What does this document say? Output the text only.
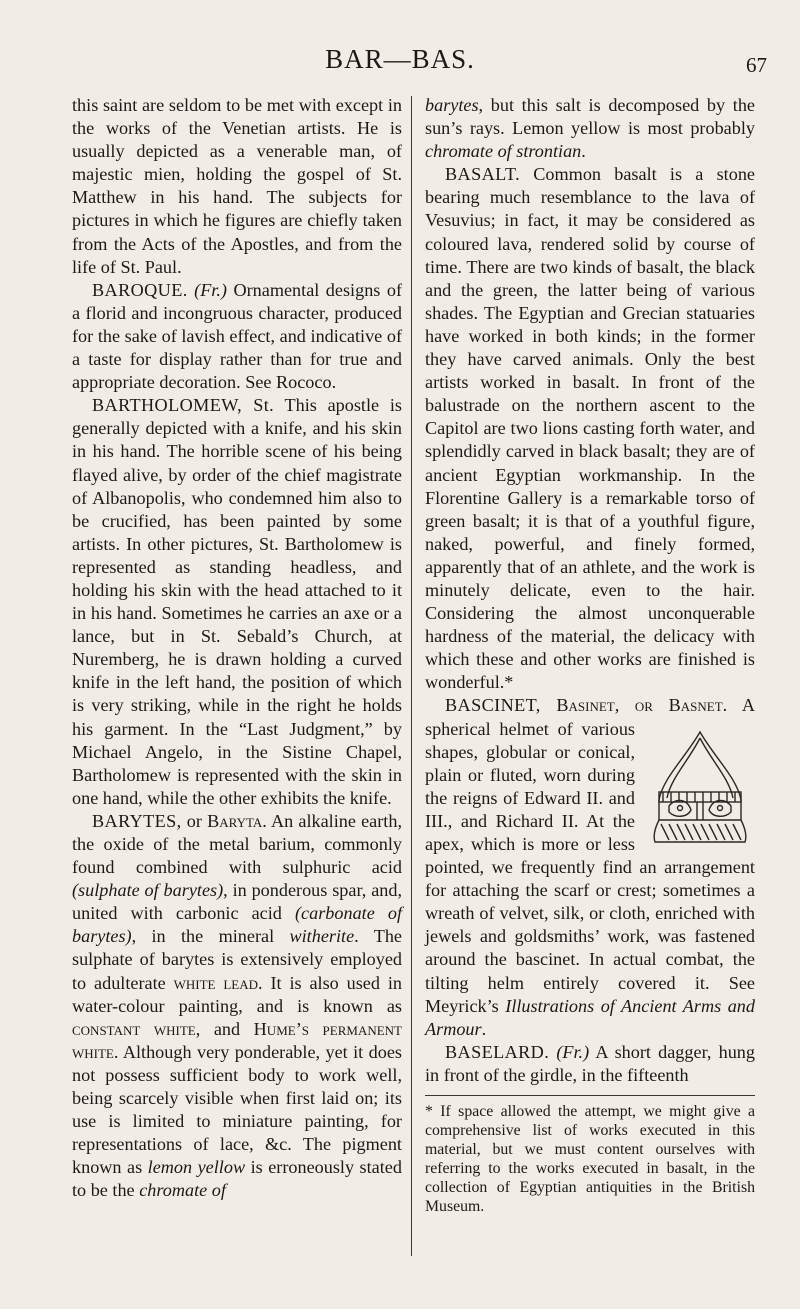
BAR—BAS.	67

this saint are seldom to be met with except in the works of the Venetian artists. He is usually depicted as a venerable man, of majestic mien, holding the gospel of St. Matthew in his hand. The subjects for pictures in which he figures are chiefly taken from the Acts of the Apostles, and from the life of St. Paul.

BAROQUE. (Fr.) Ornamental designs of a florid and incongruous character, produced for the sake of lavish effect, and indicative of a taste for display rather than for true and appropriate decoration. See Rococo.

BARTHOLOMEW, St. This apostle is generally depicted with a knife, and his skin in his hand. The horrible scene of his being flayed alive, by order of the chief magistrate of Albanopolis, who condemned him also to be crucified, has been painted by some artists. In other pictures, St. Bartholomew is represented as standing headless, and holding his skin with the head attached to it in his hand. Sometimes he carries an axe or a lance, but in St. Sebald’s Church, at Nuremberg, he is drawn holding a curved knife in the left hand, the position of which is very striking, while in the right he holds his garment. In the “Last Judgment,” by Michael Angelo, in the Sistine Chapel, Bartholomew is represented with the skin in one hand, while the other exhibits the knife.

BARYTES, or Baryta. An alkaline earth, the oxide of the metal barium, commonly found combined with sulphuric acid (sulphate of barytes), in ponderous spar, and, united with carbonic acid (carbonate of barytes), in the mineral witherite. The sulphate of barytes is extensively employed to adulterate white lead. It is also used in water-colour painting, and is known as constant white, and Hume’s permanent white. Although very ponderable, yet it does not possess sufficient body to work well, being scarcely visible when first laid on; its use is limited to miniature painting, for representations of lace, &c. The pigment known as lemon yellow is erroneously stated to be the chromate of

barytes, but this salt is decomposed by the sun’s rays. Lemon yellow is most probably chromate of strontian.

BASALT. Common basalt is a stone bearing much resemblance to the lava of Vesuvius; in fact, it may be considered as coloured lava, rendered solid by course of time. There are two kinds of basalt, the black and the green, the latter being of various shades. The Egyptian and Grecian statuaries have worked in both kinds; in the former they have carved animals. Only the best artists worked in basalt. In front of the balustrade on the northern ascent to the Capitol are two lions casting forth water, and splendidly carved in black basalt; they are of ancient Egyptian workmanship. In the Florentine Gallery is a remarkable torso of green basalt; it is that of a youthful figure, naked, powerful, and finely formed, apparently that of an athlete, and the work is minutely delicate, even to the hair. Considering the almost unconquerable hardness of the material, the delicacy with which these and other works are finished is wonderful.*

BASCINET, Basinet, or Basnet.
A spherical helmet of various shapes, globular or conical, plain or fluted, worn during the reigns of Edward II. and III., and Richard II. At the apex, which is more or less pointed, we frequently find an arrangement for attaching the scarf or crest; sometimes a wreath of velvet, silk, or cloth, enriched with jewels and goldsmiths’ work, was fastened around the bascinet. In actual combat, the tilting helm entirely covered it. See Meyrick’s Illustrations of Ancient Arms and Armour.

BASELARD. (Fr.) A short dagger, hung in front of the girdle, in the fifteenth

* If space allowed the attempt, we might give a comprehensive list of works executed in this material, but we must content ourselves with referring to the works executed in basalt, in the collection of Egyptian antiquities in the British Museum.
